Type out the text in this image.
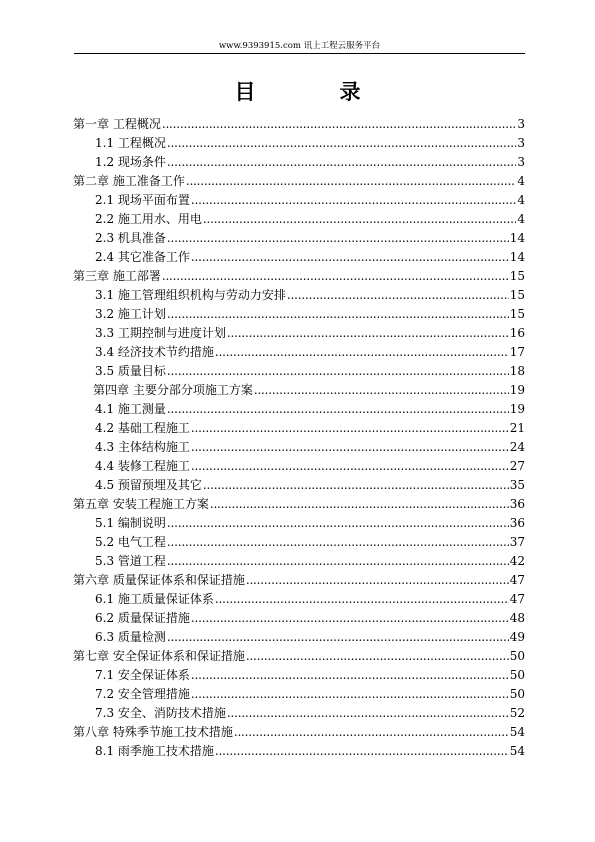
www.9393915.com 讯上工程云服务平台
目录
第一章 工程概况 .....	3
1.1 工程概况 .....	3
1.2 现场条件 .....	3
第二章 施工准备工作 .....	4
2.1 现场平面布置 .....	4
2.2 施工用水、用电 .....	4
2.3 机具准备 .....	14
2.4 其它准备工作 .....	14
第三章 施工部署 .....	15
3.1 施工管理组织机构与劳动力安排 .....	15
3.2 施工计划 .....	15
3.3 工期控制与进度计划 .....	16
3.4 经济技术节约措施 .....	17
3.5 质量目标 .....	18
第四章 主要分部分项施工方案 .....	19
4.1 施工测量 .....	19
4.2 基础工程施工 .....	21
4.3 主体结构施工 .....	24
4.4 装修工程施工 .....	27
4.5 预留预埋及其它 .....	35
第五章 安装工程施工方案 .....	36
5.1 编制说明 .....	36
5.2 电气工程 .....	37
5.3 管道工程 .....	42
第六章 质量保证体系和保证措施 .....	47
6.1 施工质量保证体系 .....	47
6.2 质量保证措施 .....	48
6.3 质量检测 .....	49
第七章 安全保证体系和保证措施 .....	50
7.1 安全保证体系 .....	50
7.2 安全管理措施 .....	50
7.3 安全、消防技术措施 .....	52
第八章 特殊季节施工技术措施 .....	54
8.1 雨季施工技术措施 .....	54
